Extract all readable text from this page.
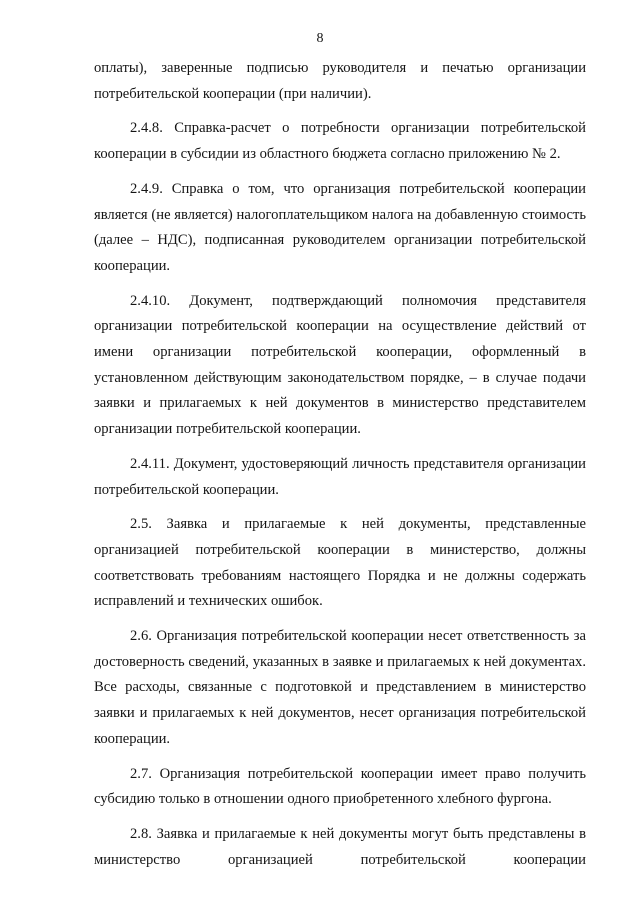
8

оплаты), заверенные подписью руководителя и печатью организации потребительской кооперации (при наличии).

2.4.8. Справка-расчет о потребности организации потребительской кооперации в субсидии из областного бюджета согласно приложению № 2.

2.4.9. Справка о том, что организация потребительской кооперации является (не является) налогоплательщиком налога на добавленную стоимость (далее – НДС), подписанная руководителем организации потребительской кооперации.

2.4.10. Документ, подтверждающий полномочия представителя организации потребительской кооперации на осуществление действий от имени организации потребительской кооперации, оформленный в установленном действующим законодательством порядке, – в случае подачи заявки и прилагаемых к ней документов в министерство представителем организации потребительской кооперации.

2.4.11. Документ, удостоверяющий личность представителя организации потребительской кооперации.

2.5. Заявка и прилагаемые к ней документы, представленные организацией потребительской кооперации в министерство, должны соответствовать требованиям настоящего Порядка и не должны содержать исправлений и технических ошибок.

2.6. Организация потребительской кооперации несет ответственность за достоверность сведений, указанных в заявке и прилагаемых к ней документах. Все расходы, связанные с подготовкой и представлением в министерство заявки и прилагаемых к ней документов, несет организация потребительской кооперации.

2.7. Организация потребительской кооперации имеет право получить субсидию только в отношении одного приобретенного хлебного фургона.

2.8. Заявка и прилагаемые к ней документы могут быть представлены в министерство организацией потребительской кооперации
